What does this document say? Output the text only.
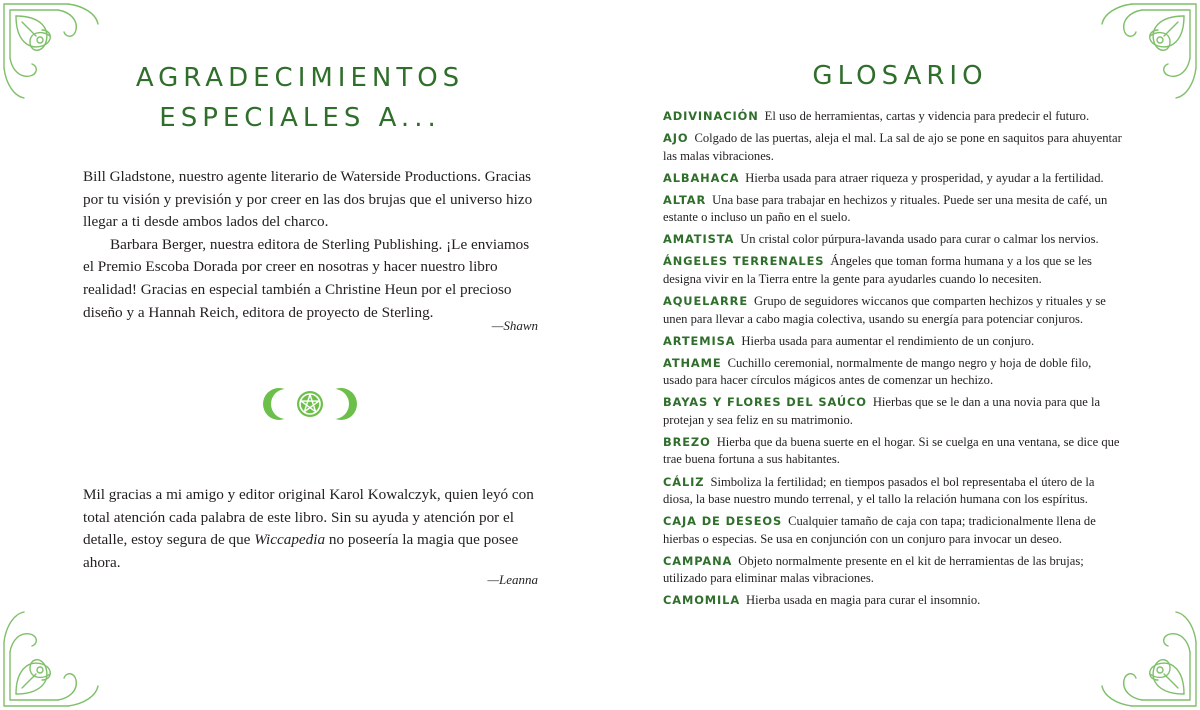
AGRADECIMIENTOS
ESPECIALES A...

Bill Gladstone, nuestro agente literario de Waterside Productions. Gracias por tu visión y previsión y por creer en las dos brujas que el universo hizo llegar a ti desde ambos lados del charco.

Barbara Berger, nuestra editora de Sterling Publishing. ¡Le enviamos el Premio Escoba Dorada por creer en nosotras y hacer nuestro libro realidad! Gracias en especial también a Christine Heun por el precioso diseño y a Hannah Reich, editora de proyecto de Sterling.

—Shawn

Mil gracias a mi amigo y editor original Karol Kowalczyk, quien leyó con total atención cada palabra de este libro. Sin su ayuda y atención por el detalle, estoy segura de que Wiccapedia no poseería la magia que posee ahora.

—Leanna
GLOSARIO
ADIVINACIÓN El uso de herramientas, cartas y videncia para predecir el futuro.
AJO Colgado de las puertas, aleja el mal. La sal de ajo se pone en saquitos para ahuyentar las malas vibraciones.
ALBAHACA Hierba usada para atraer riqueza y prosperidad, y ayudar a la fertilidad.
ALTAR Una base para trabajar en hechizos y rituales. Puede ser una mesita de café, un estante o incluso un paño en el suelo.
AMATISTA Un cristal color púrpura-lavanda usado para curar o calmar los nervios.
ÁNGELES TERRENALES Ángeles que toman forma humana y a los que se les designa vivir en la Tierra entre la gente para ayudarles cuando lo necesiten.
AQUELARRE Grupo de seguidores wiccanos que comparten hechizos y rituales y se unen para llevar a cabo magia colectiva, usando su energía para potenciar conjuros.
ARTEMISA Hierba usada para aumentar el rendimiento de un conjuro.
ATHAME Cuchillo ceremonial, normalmente de mango negro y hoja de doble filo, usado para hacer círculos mágicos antes de comenzar un hechizo.
BAYAS Y FLORES DEL SAÚCO Hierbas que se le dan a una novia para que la protejan y sea feliz en su matrimonio.
BREZO Hierba que da buena suerte en el hogar. Si se cuelga en una ventana, se dice que trae buena fortuna a sus habitantes.
CÁLIZ Simboliza la fertilidad; en tiempos pasados el bol representaba el útero de la diosa, la base nuestro mundo terrenal, y el tallo la relación humana con los espíritus.
CAJA DE DESEOS Cualquier tamaño de caja con tapa; tradicionalmente llena de hierbas o especias. Se usa en conjunción con un conjuro para invocar un deseo.
CAMPANA Objeto normalmente presente en el kit de herramientas de las brujas; utilizado para eliminar malas vibraciones.
CAMOMILA Hierba usada en magia para curar el insomnio.
